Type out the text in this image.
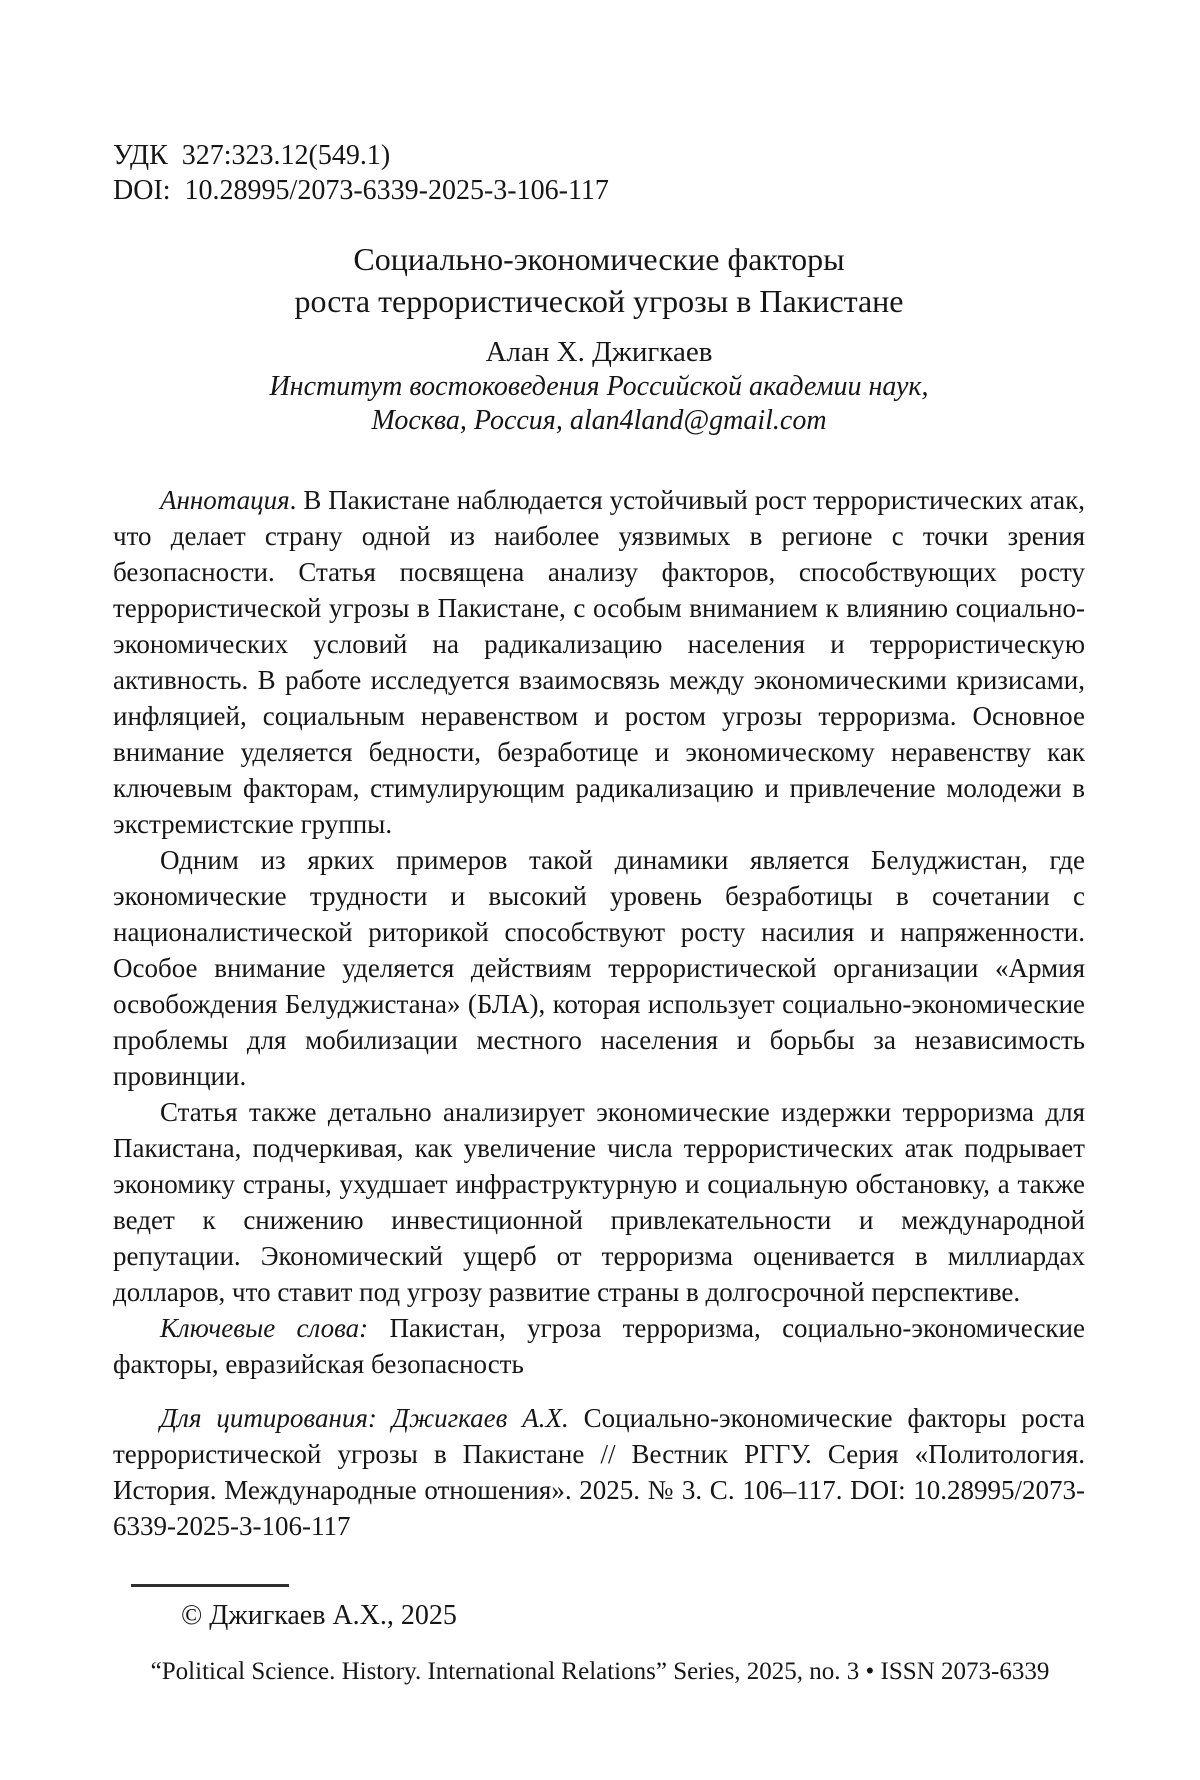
УДК  327:323.12(549.1)
DOI:  10.28995/2073-6339-2025-3-106-117
Социально-экономические факторы
роста террористической угрозы в Пакистане
Алан Х. Джигкаев
Институт востоковедения Российской академии наук,
Москва, Россия, alan4land@gmail.com

Аннотация. В Пакистане наблюдается устойчивый рост террористических атак, что делает страну одной из наиболее уязвимых в регионе с точки зрения безопасности. Статья посвящена анализу факторов, способствующих росту террористической угрозы в Пакистане, с особым вниманием к влиянию социально-экономических условий на радикализацию населения и террористическую активность. В работе исследуется взаимосвязь между экономическими кризисами, инфляцией, социальным неравенством и ростом угрозы терроризма. Основное внимание уделяется бедности, безработице и экономическому неравенству как ключевым факторам, стимулирующим радикализацию и привлечение молодежи в экстремистские группы.

Одним из ярких примеров такой динамики является Белуджистан, где экономические трудности и высокий уровень безработицы в сочетании с националистической риторикой способствуют росту насилия и напряженности. Особое внимание уделяется действиям террористической организации «Армия освобождения Белуджистана» (БЛА), которая использует социально-экономические проблемы для мобилизации местного населения и борьбы за независимость провинции.

Статья также детально анализирует экономические издержки терроризма для Пакистана, подчеркивая, как увеличение числа террористических атак подрывает экономику страны, ухудшает инфраструктурную и социальную обстановку, а также ведет к снижению инвестиционной привлекательности и международной репутации. Экономический ущерб от терроризма оценивается в миллиардах долларов, что ставит под угрозу развитие страны в долгосрочной перспективе.

Ключевые слова: Пакистан, угроза терроризма, социально-экономические факторы, евразийская безопасность

Для цитирования: Джигкаев А.Х. Социально-экономические факторы роста террористической угрозы в Пакистане // Вестник РГГУ. Серия «Политология. История. Международные отношения». 2025. № 3. С. 106–117. DOI: 10.28995/2073-6339-2025-3-106-117

© Джигкаев А.Х., 2025
“Political Science. History. International Relations” Series, 2025, no. 3 • ISSN 2073-6339
